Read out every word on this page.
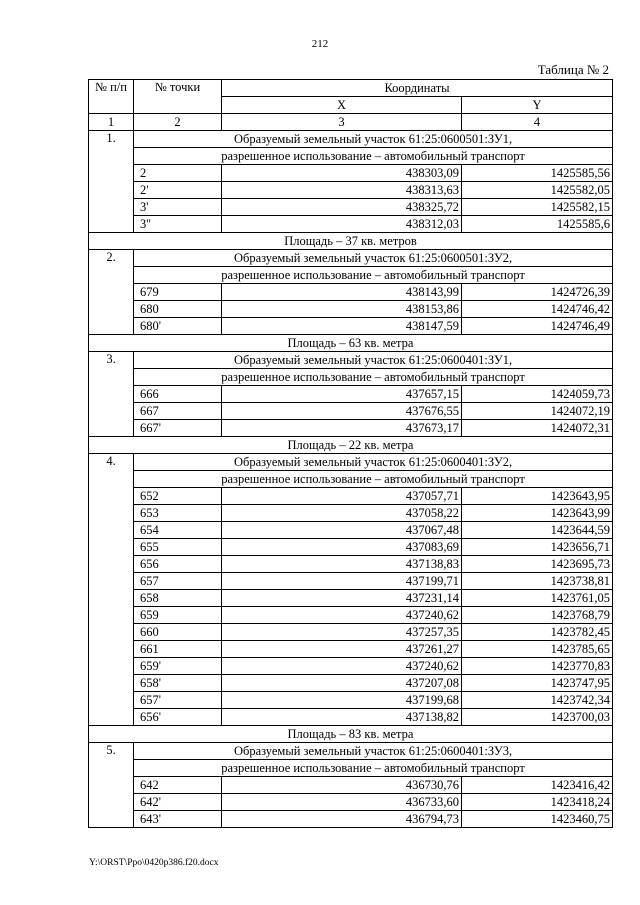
212
Таблица № 2
№ п/п	№ точки	Координаты	
		X	Y
1	2	3	4
1.	Образуемый земельный участок 61:25:0600501:ЗУ1,		
	разрешенное использование – автомобильный транспорт		
	2	438303,09	1425585,56
	2'	438313,63	1425582,05
	3'	438325,72	1425582,15
	3''	438312,03	1425585,6
Площадь – 37 кв. метров			
2.	Образуемый земельный участок 61:25:0600501:ЗУ2,		
	разрешенное использование – автомобильный транспорт		
	679	438143,99	1424726,39
	680	438153,86	1424746,42
	680'	438147,59	1424746,49
Площадь – 63 кв. метра			
3.	Образуемый земельный участок 61:25:0600401:ЗУ1,		
	разрешенное использование – автомобильный транспорт		
	666	437657,15	1424059,73
	667	437676,55	1424072,19
	667'	437673,17	1424072,31
Площадь – 22 кв. метра			
4.	Образуемый земельный участок 61:25:0600401:ЗУ2,		
	разрешенное использование – автомобильный транспорт		
	652	437057,71	1423643,95
	653	437058,22	1423643,99
	654	437067,48	1423644,59
	655	437083,69	1423656,71
	656	437138,83	1423695,73
	657	437199,71	1423738,81
	658	437231,14	1423761,05
	659	437240,62	1423768,79
	660	437257,35	1423782,45
	661	437261,27	1423785,65
	659'	437240,62	1423770,83
	658'	437207,08	1423747,95
	657'	437199,68	1423742,34
	656'	437138,82	1423700,03
Площадь – 83 кв. метра			
5.	Образуемый земельный участок 61:25:0600401:ЗУ3,		
	разрешенное использование – автомобильный транспорт		
	642	436730,76	1423416,42
	642'	436733,60	1423418,24
	643'	436794,73	1423460,75
Y:\ORST\Ppo\0420p386.f20.docx
